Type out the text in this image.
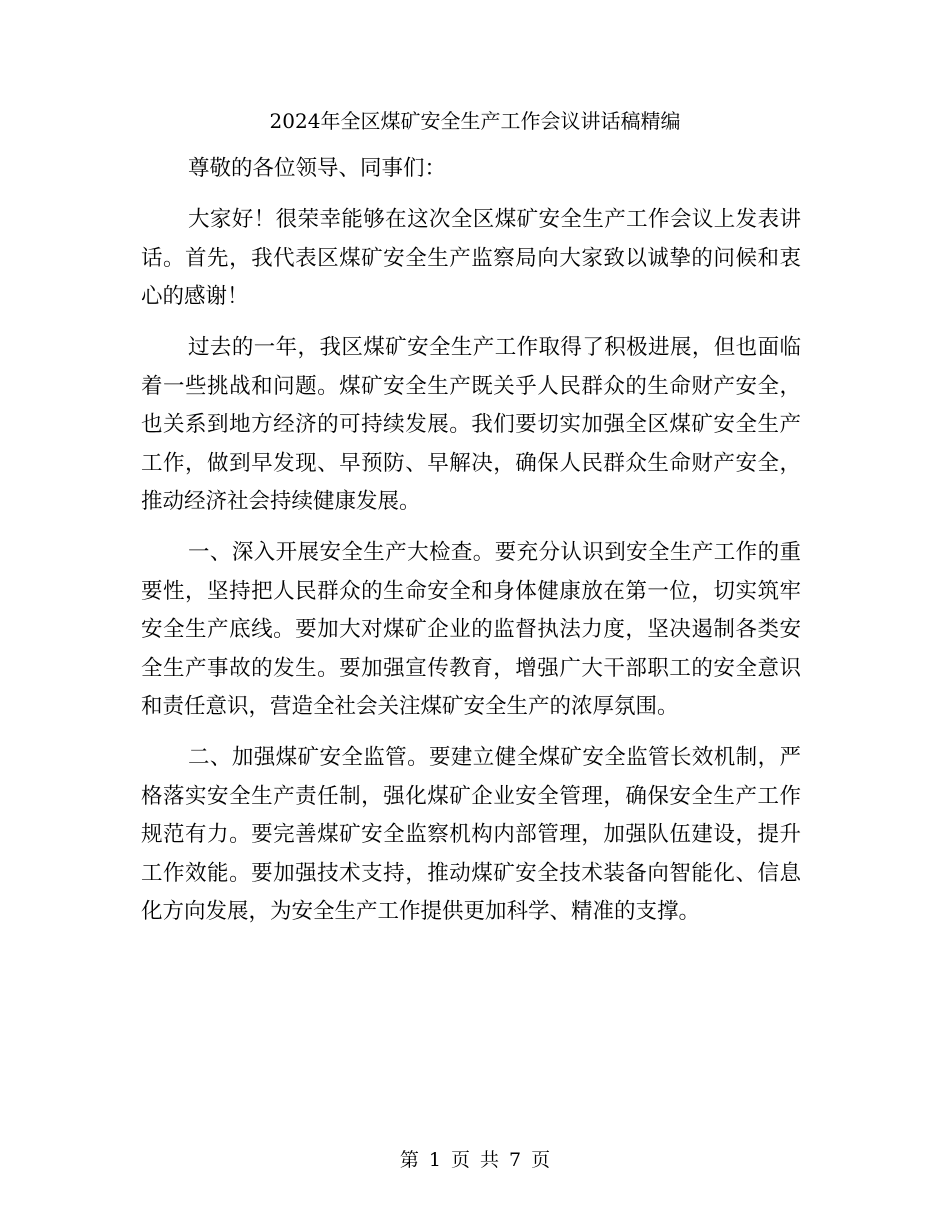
2024年全区煤矿安全生产工作会议讲话稿精编

尊敬的各位领导、同事们：

大家好！很荣幸能够在这次全区煤矿安全生产工作会议上发表讲话。首先，我代表区煤矿安全生产监察局向大家致以诚挚的问候和衷心的感谢！

过去的一年，我区煤矿安全生产工作取得了积极进展，但也面临着一些挑战和问题。煤矿安全生产既关乎人民群众的生命财产安全，也关系到地方经济的可持续发展。我们要切实加强全区煤矿安全生产工作，做到早发现、早预防、早解决，确保人民群众生命财产安全，推动经济社会持续健康发展。

一、深入开展安全生产大检查。要充分认识到安全生产工作的重要性，坚持把人民群众的生命安全和身体健康放在第一位，切实筑牢安全生产底线。要加大对煤矿企业的监督执法力度，坚决遏制各类安全生产事故的发生。要加强宣传教育，增强广大干部职工的安全意识和责任意识，营造全社会关注煤矿安全生产的浓厚氛围。

二、加强煤矿安全监管。要建立健全煤矿安全监管长效机制，严格落实安全生产责任制，强化煤矿企业安全管理，确保安全生产工作规范有力。要完善煤矿安全监察机构内部管理，加强队伍建设，提升工作效能。要加强技术支持，推动煤矿安全技术装备向智能化、信息化方向发展，为安全生产工作提供更加科学、精准的支撑。

第 1 页 共 7 页
